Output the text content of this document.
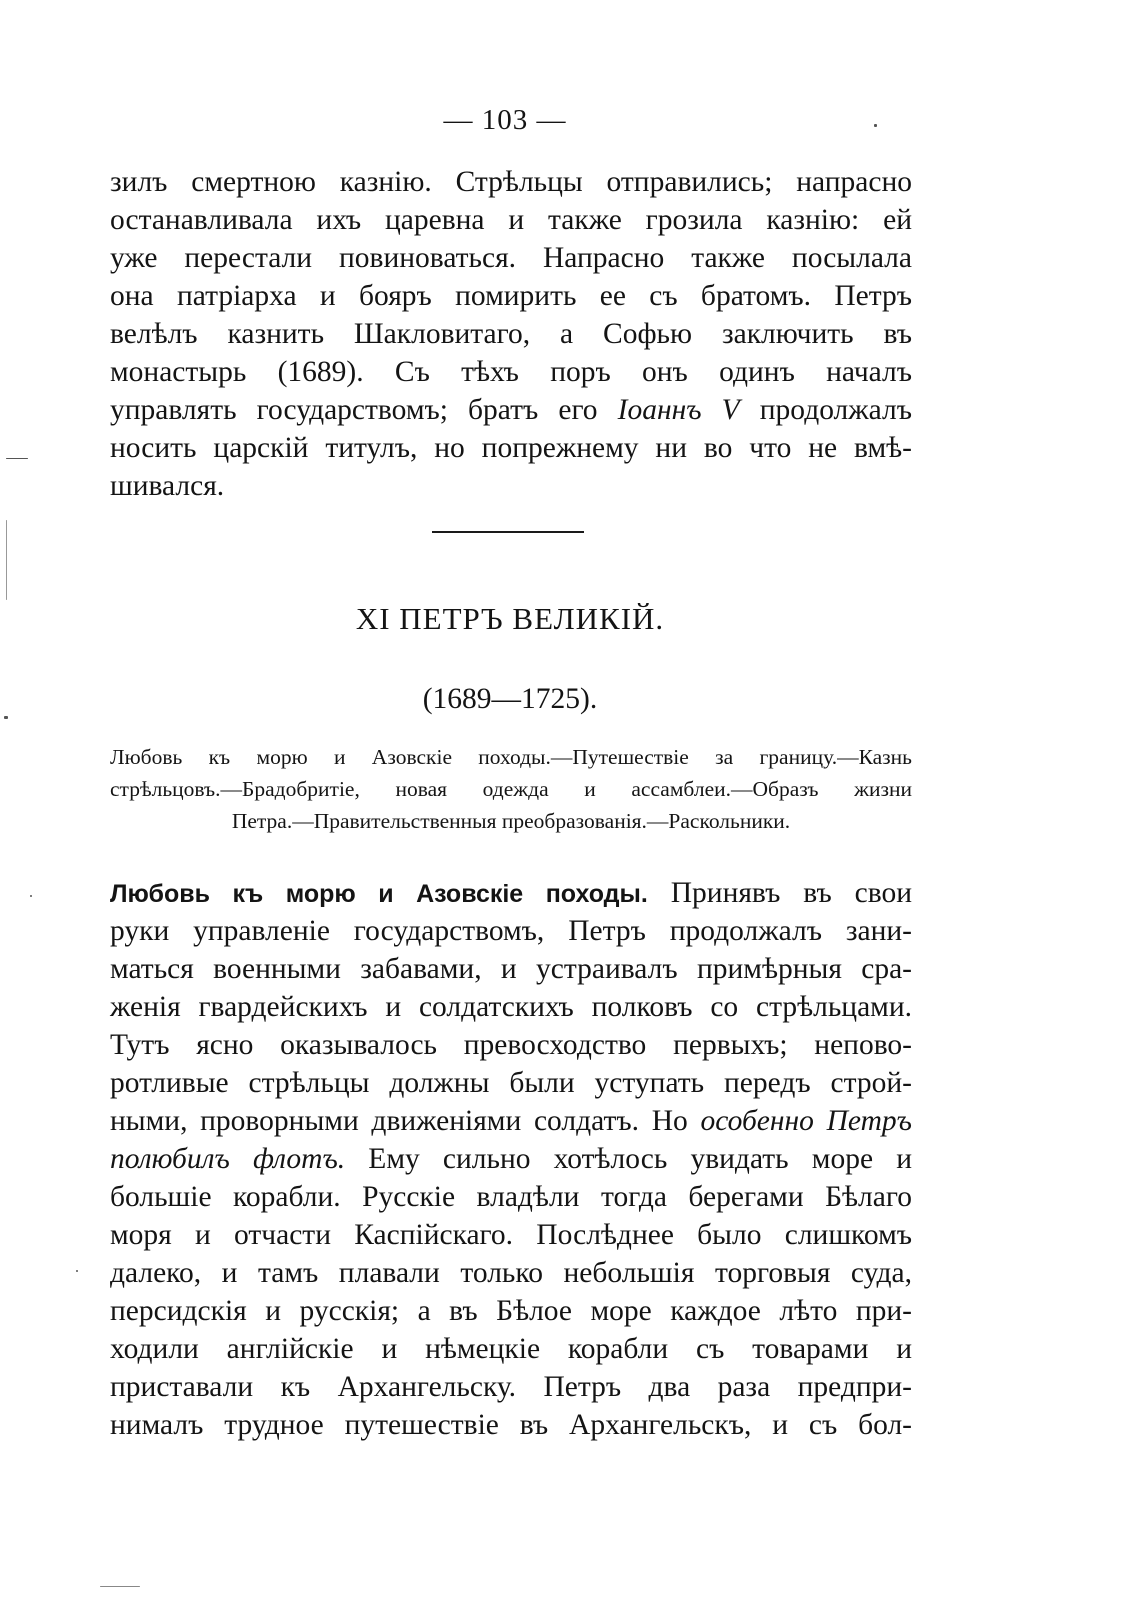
— 103 —
зилъ смертною казнію. Стрѣльцы отправились; напрасно
останавливала ихъ царевна и также грозила казнію: ей
уже перестали повиноваться. Напрасно также посылала
она патріарха и бояръ помирить ее съ братомъ. Петръ
велѣлъ казнить Шакловитаго, а Софью заключить въ
монастырь (1689). Съ тѣхъ поръ онъ одинъ началъ
управлять государствомъ; братъ его Іоаннъ V продолжалъ
носить царскій титулъ, но попрежнему ни во что не вмѣ-
шивался.
XI ПЕТРЪ ВЕЛИКІЙ.
(1689—1725).
Любовь къ морю и Азовскіе походы.—Путешествіе за границу.—Казнь
стрѣльцовъ.—Брадобритіе, новая одежда и ассамблеи.—Образъ жизни
Петра.—Правительственныя преобразованія.—Раскольники.
Любовь къ морю и Азовскіе походы. Принявъ въ свои
руки управленіе государствомъ, Петръ продолжалъ зани-
маться военными забавами, и устраивалъ примѣрныя сра-
женія гвардейскихъ и солдатскихъ полковъ со стрѣльцами.
Тутъ ясно оказывалось превосходство первыхъ; непово-
ротливые стрѣльцы должны были уступать передъ строй-
ными, проворными движеніями солдатъ. Но особенно Петръ
полюбилъ флотъ. Ему сильно хотѣлось увидать море и
большіе корабли. Русскіе владѣли тогда берегами Бѣлаго
моря и отчасти Каспійскаго. Послѣднее было слишкомъ
далеко, и тамъ плавали только небольшія торговыя суда,
персидскія и русскія; а въ Бѣлое море каждое лѣто при-
ходили англійскіе и нѣмецкіе корабли съ товарами и
приставали къ Архангельску. Петръ два раза предпри-
нималъ трудное путешествіе въ Архангельскъ, и съ бол-
